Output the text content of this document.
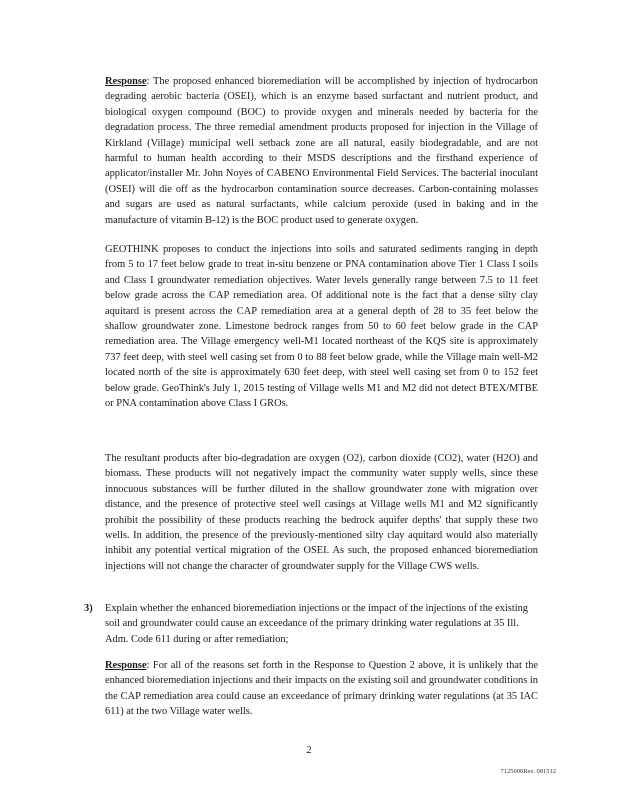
Response: The proposed enhanced bioremediation will be accomplished by injection of hydrocarbon degrading aerobic bacteria (OSEI), which is an enzyme based surfactant and nutrient product, and biological oxygen compound (BOC) to provide oxygen and minerals needed by bacteria for the degradation process. The three remedial amendment products proposed for injection in the Village of Kirkland (Village) municipal well setback zone are all natural, easily biodegradable, and are not harmful to human health according to their MSDS descriptions and the firsthand experience of applicator/installer Mr. John Noyes of CABENO Environmental Field Services. The bacterial inoculant (OSEI) will die off as the hydrocarbon contamination source decreases. Carbon-containing molasses and sugars are used as natural surfactants, while calcium peroxide (used in baking and in the manufacture of vitamin B-12) is the BOC product used to generate oxygen.

GEOTHINK proposes to conduct the injections into soils and saturated sediments ranging in depth from 5 to 17 feet below grade to treat in-situ benzene or PNA contamination above Tier 1 Class I soils and Class I groundwater remediation objectives. Water levels generally range between 7.5 to 11 feet below grade across the CAP remediation area. Of additional note is the fact that a dense silty clay aquitard is present across the CAP remediation area at a general depth of 28 to 35 feet below the shallow groundwater zone. Limestone bedrock ranges from 50 to 60 feet below grade in the CAP remediation area. The Village emergency well-M1 located northeast of the KQS site is approximately 737 feet deep, with steel well casing set from 0 to 88 feet below grade, while the Village main well-M2 located north of the site is approximately 630 feet deep, with steel well casing set from 0 to 152 feet below grade. GeoThink's July 1, 2015 testing of Village wells M1 and M2 did not detect BTEX/MTBE or PNA contamination above Class I GROs.

The resultant products after bio-degradation are oxygen (O2), carbon dioxide (CO2), water (H2O) and biomass. These products will not negatively impact the community water supply wells, since these innocuous substances will be further diluted in the shallow groundwater zone with migration over distance, and the presence of protective steel well casings at Village wells M1 and M2 significantly prohibit the possibility of these products reaching the bedrock aquifer depths' that supply these two wells. In addition, the presence of the previously-mentioned silty clay aquitard would also materially inhibit any potential vertical migration of the OSEI. As such, the proposed enhanced bioremediation injections will not change the character of groundwater supply for the Village CWS wells.

3) Explain whether the enhanced bioremediation injections or the impact of the injections of the existing soil and groundwater could cause an exceedance of the primary drinking water regulations at 35 Ill. Adm. Code 611 during or after remediation;

Response: For all of the reasons set forth in the Response to Question 2 above, it is unlikely that the enhanced bioremediation injections and their impacts on the existing soil and groundwater conditions in the CAP remediation area could cause an exceedance of primary drinking water regulations (at 35 IAC 611) at the two Village water wells.

2
7125000Rev. 081512
